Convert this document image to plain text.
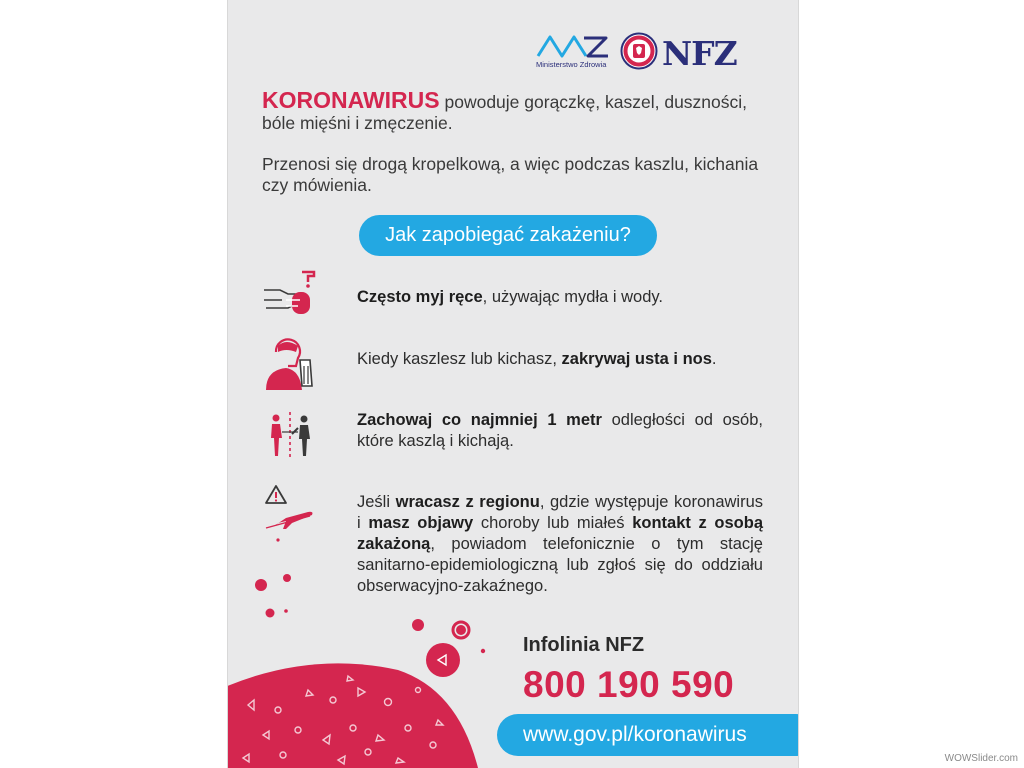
Ministerstwo Zdrowia NFZ

KORONAWIRUS powoduje gorączkę, kaszel, duszności, bóle mięśni i zmęczenie.

Przenosi się drogą kropelkową, a więc podczas kaszlu, kichania czy mówienia.

Jak zapobiegać zakażeniu?
Często myj ręce, używając mydła i wody.
Kiedy kaszlesz lub kichasz, zakrywaj usta i nos.
Zachowaj co najmniej 1 metr odległości od osób, które kaszlą i kichają.
Jeśli wracasz z regionu, gdzie występuje koronawirus i masz objawy choroby lub miałeś kontakt z osobą zakażoną, powiadom telefonicznie o tym stację sanitarno-epidemiologiczną lub zgłoś się do oddziału obserwacyjno-zakaźnego.
Infolinia NFZ
800 190 590
www.gov.pl/koronawirus
WOWSlider.com
